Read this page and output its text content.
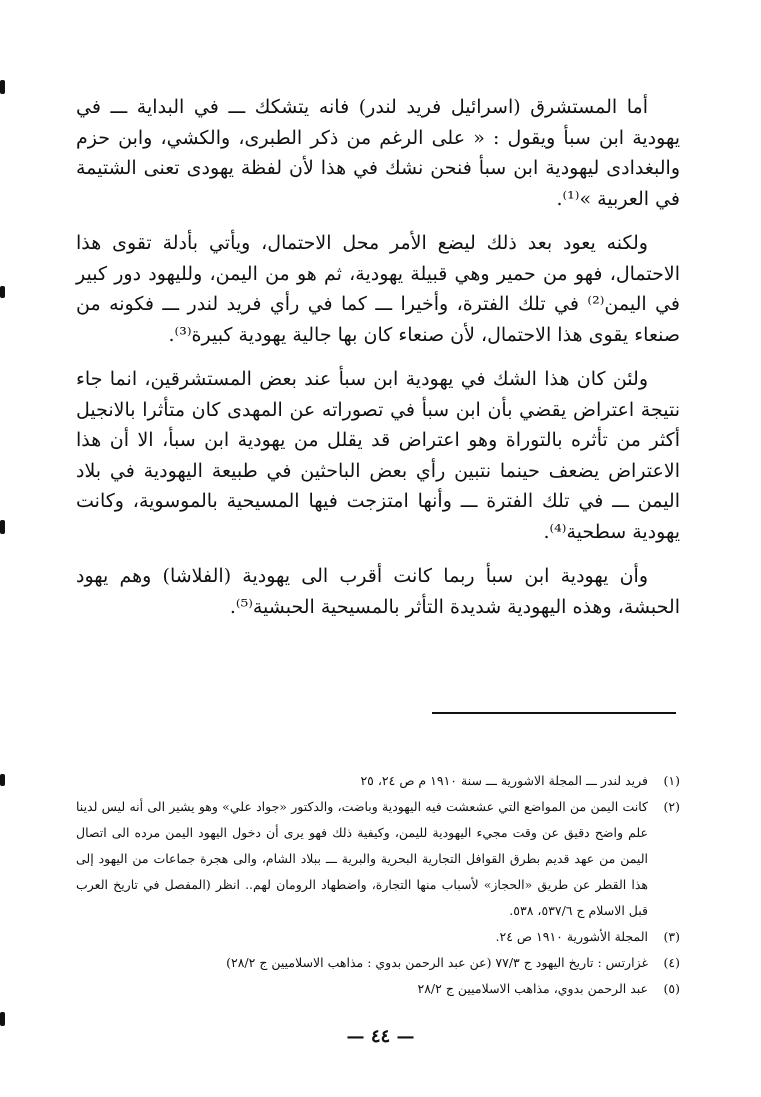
أما المستشرق (اسرائيل فريد لندر) فانه يتشكك ـــ في البداية ـــ في يهودية ابن سبأ ويقول : « على الرغم من ذكر الطبرى، والكشي، وابن حزم والبغدادى ليهودية ابن سبأ فنحن نشك في هذا لأن لفظة يهودى تعنى الشتيمة في العربية »⁽¹⁾.

ولكنه يعود بعد ذلك ليضع الأمر محل الاحتمال، ويأتي بأدلة تقوى هذا الاحتمال، فهو من حمير وهي قبيلة يهودية، ثم هو من اليمن، ولليهود دور كبير في اليمن⁽²⁾ في تلك الفترة، وأخيرا ـــ كما في رأي فريد لندر ـــ فكونه من صنعاء يقوى هذا الاحتمال، لأن صنعاء كان بها جالية يهودية كبيرة⁽³⁾.

ولئن كان هذا الشك في يهودية ابن سبأ عند بعض المستشرقين، انما جاء نتيجة اعتراض يقضي بأن ابن سبأ في تصوراته عن المهدى كان متأثرا بالانجيل أكثر من تأثره بالتوراة وهو اعتراض قد يقلل من يهودية ابن سبأ، الا أن هذا الاعتراض يضعف حينما نتبين رأي بعض الباحثين في طبيعة اليهودية في بلاد اليمن ـــ في تلك الفترة ـــ وأنها امتزجت فيها المسيحية بالموسوية، وكانت يهودية سطحية⁽⁴⁾.

وأن يهودية ابن سبأ ربما كانت أقرب الى يهودية (الفلاشا) وهم يهود الحبشة، وهذه اليهودية شديدة التأثر بالمسيحية الحبشية⁽⁵⁾.

(١)
فريد لندر ـــ المجلة الاشورية ـــ سنة ١٩١٠ م ص ٢٤، ٢٥
(٢)
كانت اليمن من المواضع التي عشعشت فيه اليهودية وباضت، والدكتور «جواد علي» وهو يشير الى أنه ليس لدينا علم واضح دقيق عن وقت مجيء اليهودية لليمن، وكيفية ذلك فهو يرى أن دخول اليهود اليمن مرده الى اتصال اليمن من عهد قديم بطرق القوافل التجارية البحرية والبرية ـــ ببلاد الشام، والى هجرة جماعات من اليهود إلى هذا القطر عن طريق «الحجاز» لأسباب منها التجارة، واضطهاد الرومان لهم.. انظر (المفصل في تاريخ العرب قبل الاسلام ج ٥٣٧/٦، ٥٣٨.
(٣)
المجلة الأشورية ١٩١٠ ص ٢٤.
(٤)
غزارتس : تاريخ اليهود ج ٧٧/٣ (عن عبد الرحمن بدوي : مذاهب الاسلاميين ج ٢٨/٢)
(٥)
عبد الرحمن بدوي، مذاهب الاسلاميين ج ٢٨/٢
— ٤٤ —
